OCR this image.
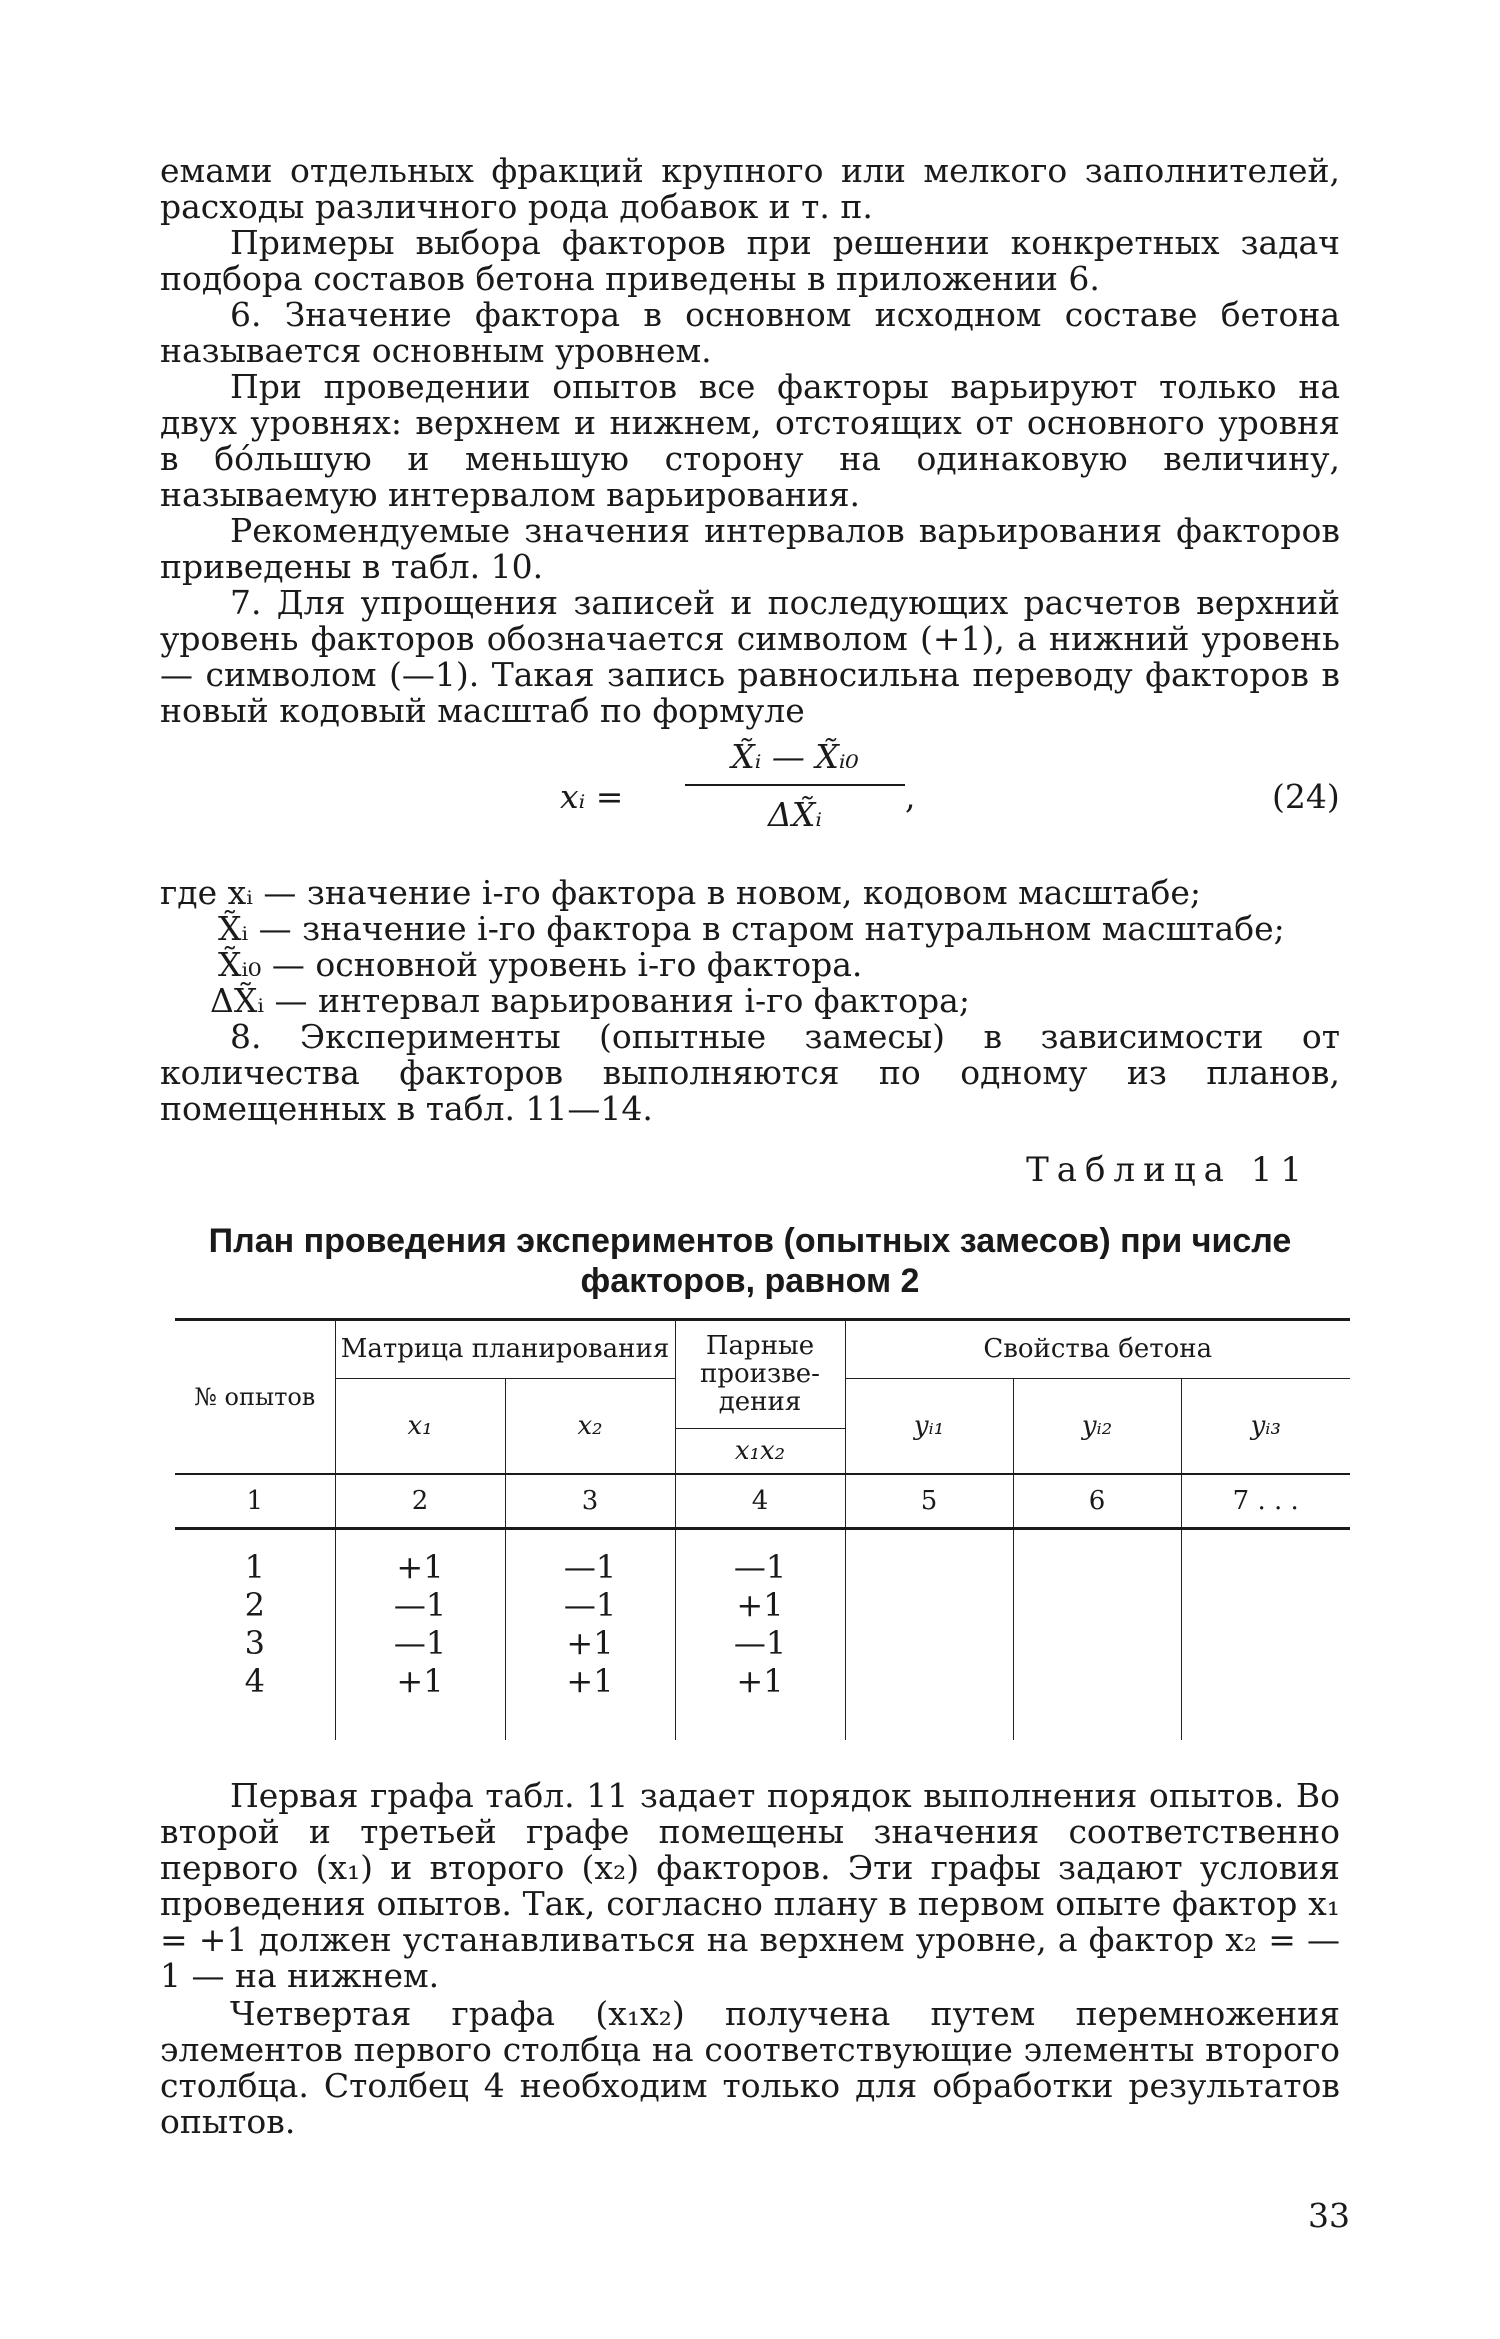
емами отдельных фракций крупного или мелкого заполнителей, расходы различного рода добавок и т. п.

Примеры выбора факторов при решении конкретных задач подбора составов бетона приведены в приложении 6.

6. Значение фактора в основном исходном составе бетона называется основным уровнем.

При проведении опытов все факторы варьируют только на двух уровнях: верхнем и нижнем, отстоящих от основного уровня в бо́льшую и меньшую сторону на одинаковую величину, называемую интервалом варьирования.

Рекомендуемые значения интервалов варьирования факторов приведены в табл. 10.

7. Для упрощения записей и последующих расчетов верхний уровень факторов обозначается символом (+1), а нижний уровень — символом (—1). Такая запись равносильна переводу факторов в новый кодовый масштаб по формуле

xᵢ =
X̃ᵢ — X̃ᵢ₀
ΔX̃ᵢ	,	(24)
где xᵢ — значение i-го фактора в новом, кодовом масштабе;
X̃ᵢ — значение i-го фактора в старом натуральном масштабе;
X̃ᵢ₀ — основной уровень i-го фактора.
ΔX̃ᵢ — интервал варьирования i-го фактора;

8. Эксперименты (опытные замесы) в зависимости от количества факторов выполняются по одному из планов, помещенных в табл. 11—14.

Таблица 11
План проведения экспериментов (опытных замесов) при числе
факторов, равном 2
№ опытов	Матрица планирования		Парные произве-дения	Свойства бетона		
	x₁	x₂		yᵢ₁	yᵢ₂	yᵢ₃
			x₁x₂			
1	2	3	4	5	6	7 . . .

1	+1	—1	—1			
2	—1	—1	+1			
3	—1	+1	—1			
4	+1	+1	+1			

Первая графа табл. 11 задает порядок выполнения опытов. Во второй и третьей графе помещены значения соответственно первого (x₁) и второго (x₂) факторов. Эти графы задают условия проведения опытов. Так, согласно плану в первом опыте фактор x₁ = +1 должен устанавливаться на верхнем уровне, а фактор x₂ = —1 — на нижнем.

Четвертая графа (x₁x₂) получена путем перемножения элементов первого столбца на соответствующие элементы второго столбца. Столбец 4 необходим только для обработки результатов опытов.

33
